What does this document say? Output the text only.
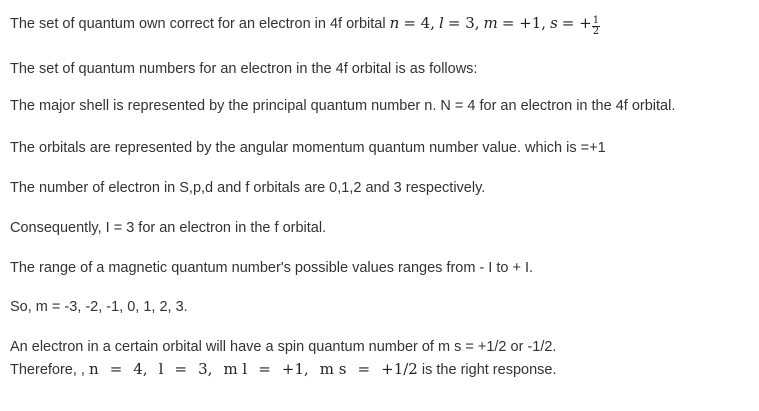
The set of quantum own correct for an electron in 4f orbital n = 4, l = 3, m = +1, s = + $\frac{1}{2}$
The set of quantum numbers for an electron in the 4f orbital is as follows:
The major shell is represented by the principal quantum number n. N = 4 for an electron in the 4f orbital.
The orbitals are represented by the angular momentum quantum number value. which is =+1
The number of electron in S,p,d and f orbitals are 0,1,2 and 3 respectively.
Consequently, I = 3 for an electron in the f orbital.
The range of a magnetic quantum number's possible values ranges from - I to + I.
So, m = -3, -2, -1, 0, 1, 2, 3.
An electron in a certain orbital will have a spin quantum number of m s = +1/2 or -1/2.
Therefore, , n = 4, l = 3, m l = +1, m s = +1/2 is the right response.
